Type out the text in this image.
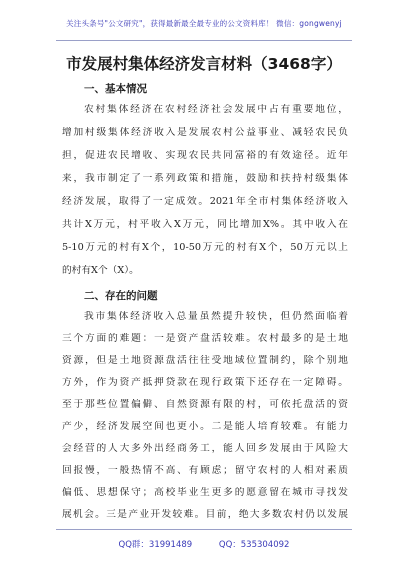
关注头条号"公文研究"，获得最新最全最专业的公文资料库！ 微信：gongwenyj
市发展村集体经济发言材料（3468字）
一、基本情况
农村集体经济在农村经济社会发展中占有重要地位，
增加村级集体经济收入是发展农村公益事业、减轻农民负
担，促进农民增收、实现农民共同富裕的有效途径。近年
来，我市制定了一系列政策和措施，鼓励和扶持村级集体
经济发展，取得了一定成效。2021年全市村集体经济收入
共计X万元，村平收入X万元，同比增加X%。其中收入在
5-10万元的村有X个，10-50万元的村有X个，50万元以上
的村有X个（X）。
二、存在的问题
我市集体经济收入总量虽然提升较快，但仍然面临着
三个方面的难题：一是资产盘活较难。农村最多的是土地
资源，但是土地资源盘活往往受地域位置制约，除个别地
方外，作为资产抵押贷款在现行政策下还存在一定障碍。
至于那些位置偏僻、自然资源有限的村，可依托盘活的资
产少，经济发展空间也更小。二是能人培育较难。有能力
会经营的人大多外出经商务工，能人回乡发展由于风险大
回报慢，一般热情不高、有顾虑；留守农村的人相对素质
偏低、思想保守；高校毕业生更多的愿意留在城市寻找发
展机会。三是产业开发较难。目前，绝大多数农村仍以发展
QQ群：31991489	QQ：535304092
